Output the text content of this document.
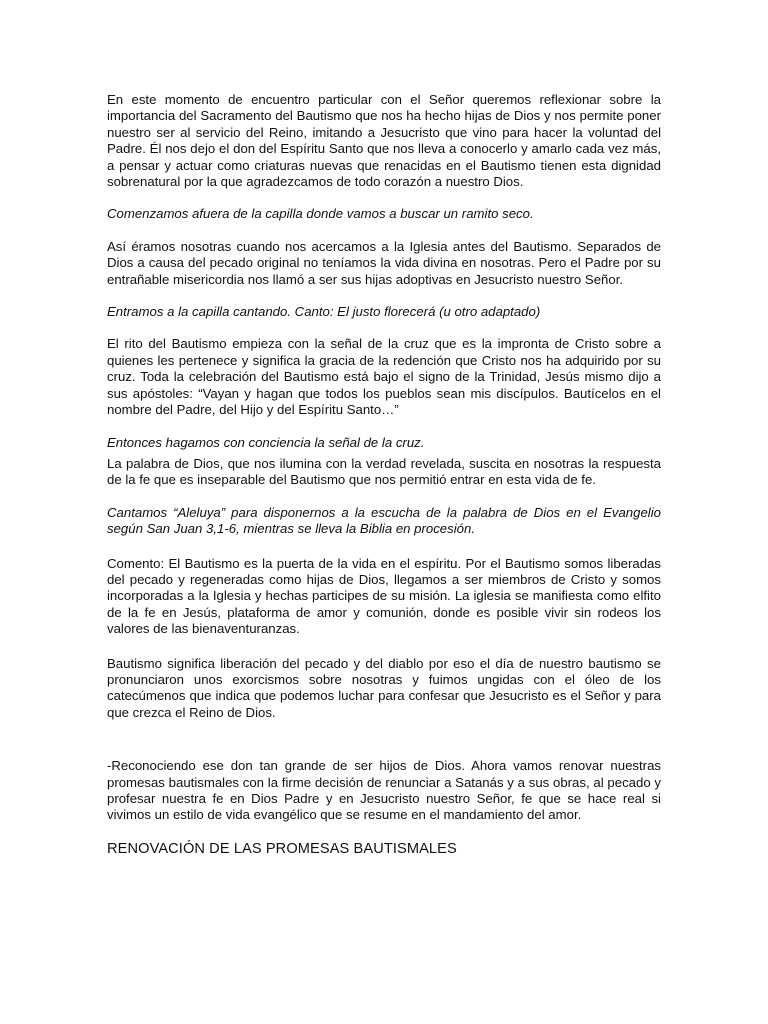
En este momento de encuentro particular con el Señor queremos reflexionar sobre la importancia del Sacramento del Bautismo que nos ha hecho hijas de Dios y nos permite poner nuestro ser al servicio del Reino, imitando a Jesucristo que vino para hacer la voluntad del Padre. Él nos dejo el don del Espíritu Santo que nos lleva a conocerlo y amarlo cada vez más, a pensar y actuar como criaturas nuevas que renacidas en el Bautismo tienen esta dignidad sobrenatural por la que agradezcamos de todo corazón a nuestro Dios.

Comenzamos afuera de la capilla donde vamos a buscar un ramito seco.

Así éramos nosotras cuando nos acercamos a la Iglesia antes del Bautismo. Separados de Dios a causa del pecado original no teníamos la vida divina en nosotras. Pero el Padre por su entrañable misericordia nos llamó a ser sus hijas adoptivas en Jesucristo nuestro Señor.

Entramos a la capilla cantando. Canto: El justo florecerá (u otro adaptado)

El rito del Bautismo empieza con la señal de la cruz que es la impronta de Cristo sobre a quienes les pertenece y significa la gracia de la redención que Cristo nos ha adquirido por su cruz. Toda la celebración del Bautismo está bajo el signo de la Trinidad, Jesús mismo dijo a sus apóstoles: “Vayan y hagan que todos los pueblos sean mis discípulos. Bautícelos en el nombre del Padre, del Hijo y del Espíritu Santo…”

Entonces hagamos con conciencia la señal de la cruz.

La palabra de Dios, que nos ilumina con la verdad revelada, suscita en nosotras la respuesta de la fe que es inseparable del Bautismo que nos permitió entrar en esta vida de fe.

Cantamos “Aleluya” para disponernos a la escucha de la palabra de Dios en el Evangelio según San Juan 3,1-6, mientras se lleva la Biblia en procesión.

Comento: El Bautismo es la puerta de la vida en el espíritu. Por el Bautismo somos liberadas del pecado y regeneradas como hijas de Dios, llegamos a ser miembros de Cristo y somos incorporadas a la Iglesia y hechas participes de su misión. La iglesia se manifiesta como elfito de la fe en Jesús, plataforma de amor y comunión, donde es posible vivir sin rodeos los valores de las bienaventuranzas.

Bautismo significa liberación del pecado y del diablo por eso el día de nuestro bautismo se pronunciaron unos exorcismos sobre nosotras y fuimos ungidas con el óleo de los catecúmenos que indica que podemos luchar para confesar que Jesucristo es el Señor y para que crezca el Reino de Dios.

-Reconociendo ese don tan grande de ser hijos de Dios. Ahora vamos renovar nuestras promesas bautismales con la firme decisión de renunciar a Satanás y a sus obras, al pecado y profesar nuestra fe en Dios Padre y en Jesucristo nuestro Señor, fe que se hace real si vivimos un estilo de vida evangélico que se resume en el mandamiento del amor.

RENOVACIÓN DE LAS PROMESAS BAUTISMALES
